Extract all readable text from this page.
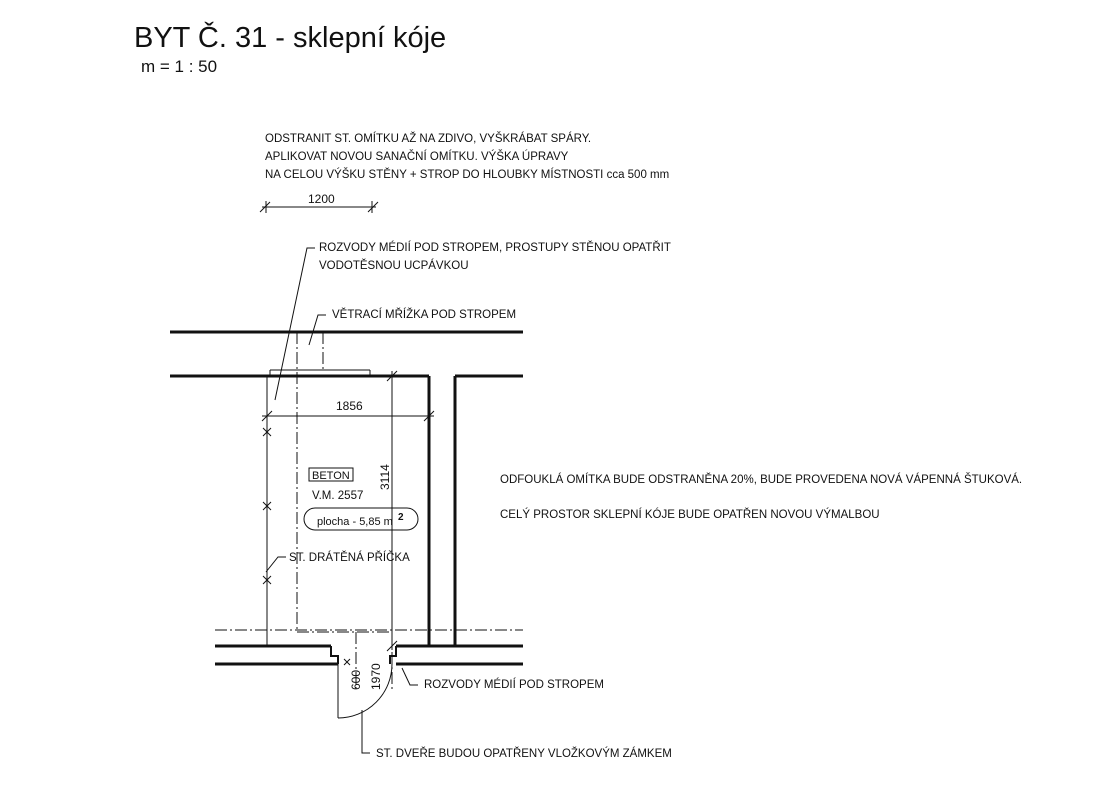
BYT Č. 31 - sklepní kóje
m = 1 : 50
ODSTRANIT ST. OMÍTKU AŽ NA ZDIVO, VYŠKRÁBAT SPÁRY.
APLIKOVAT NOVOU SANAČNÍ OMÍTKU. VÝŠKA ÚPRAVY
NA CELOU VÝŠKU STĚNY + STROP DO HLOUBKY MÍSTNOSTI cca 500 mm
ROZVODY MÉDIÍ POD STROPEM, PROSTUPY STĚNOU OPATŘIT
VODOTĚSNOU UCPÁVKOU
VĚTRACÍ MŘÍŽKA POD STROPEM
ST. DRÁTĚNÁ PŘÍČKA
ROZVODY MÉDIÍ POD STROPEM
ST. DVEŘE BUDOU OPATŘENY VLOŽKOVÝM ZÁMKEM
ODFOUKLÁ OMÍTKA BUDE ODSTRANĚNA 20%, BUDE PROVEDENA NOVÁ VÁPENNÁ ŠTUKOVÁ.
CELÝ PROSTOR SKLEPNÍ KÓJE BUDE OPATŘEN NOVOU VÝMALBOU
1200
1856
3114
BETON
V.M. 2557
plocha - 5,85 m 2
600 1970
